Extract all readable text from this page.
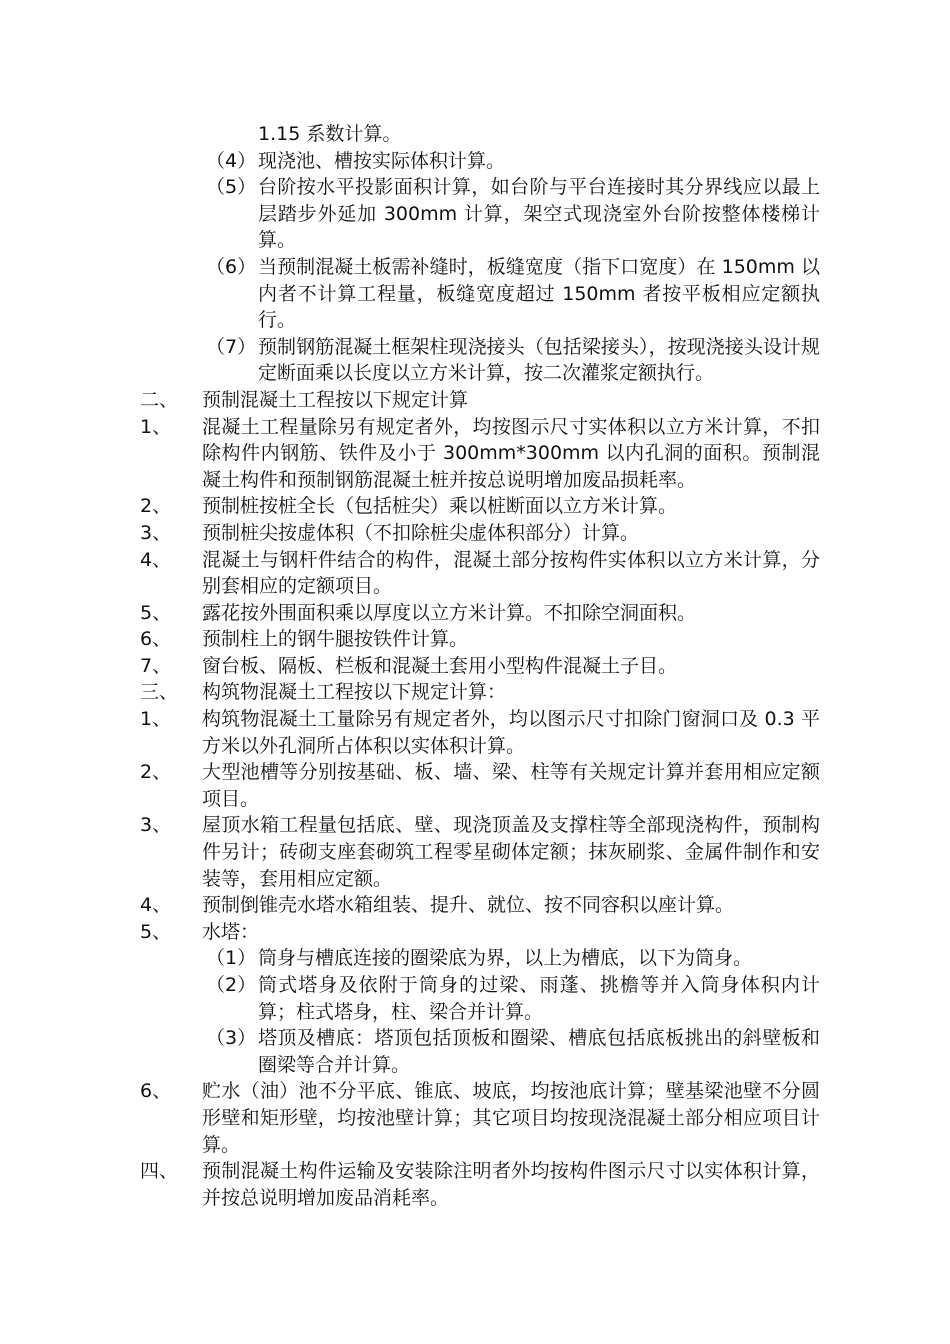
1.15 系数计算。
（4） 现浇池、槽按实际体积计算。
（5） 台阶按水平投影面积计算，如台阶与平台连接时其分界线应以最上层踏步外延加 300mm 计算，架空式现浇室外台阶按整体楼梯计算。
（6） 当预制混凝土板需补缝时，板缝宽度（指下口宽度）在 150mm 以内者不计算工程量，板缝宽度超过 150mm 者按平板相应定额执行。
（7） 预制钢筋混凝土框架柱现浇接头（包括梁接头），按现浇接头设计规定断面乘以长度以立方米计算，按二次灌浆定额执行。
二、	预制混凝土工程按以下规定计算
1、	混凝土工程量除另有规定者外，均按图示尺寸实体积以立方米计算，不扣除构件内钢筋、铁件及小于 300mm*300mm 以内孔洞的面积。预制混凝土构件和预制钢筋混凝土桩并按总说明增加废品损耗率。
2、	预制桩按桩全长（包括桩尖）乘以桩断面以立方米计算。
3、	预制桩尖按虚体积（不扣除桩尖虚体积部分）计算。
4、	混凝土与钢杆件结合的构件，混凝土部分按构件实体积以立方米计算，分别套相应的定额项目。
5、	露花按外围面积乘以厚度以立方米计算。不扣除空洞面积。
6、	预制柱上的钢牛腿按铁件计算。
7、	窗台板、隔板、栏板和混凝土套用小型构件混凝土子目。
三、	构筑物混凝土工程按以下规定计算：
1、	构筑物混凝土工量除另有规定者外，均以图示尺寸扣除门窗洞口及 0.3 平方米以外孔洞所占体积以实体积计算。
2、	大型池槽等分别按基础、板、墙、梁、柱等有关规定计算并套用相应定额项目。
3、	屋顶水箱工程量包括底、壁、现浇顶盖及支撑柱等全部现浇构件，预制构件另计；砖砌支座套砌筑工程零星砌体定额；抹灰刷浆、金属件制作和安装等，套用相应定额。
4、	预制倒锥壳水塔水箱组装、提升、就位、按不同容积以座计算。
5、	水塔：
（1） 筒身与槽底连接的圈梁底为界，以上为槽底，以下为筒身。
（2） 筒式塔身及依附于筒身的过梁、雨蓬、挑檐等并入筒身体积内计算；柱式塔身，柱、梁合并计算。
（3） 塔顶及槽底：塔顶包括顶板和圈梁、槽底包括底板挑出的斜壁板和圈梁等合并计算。
6、	贮水（油）池不分平底、锥底、坡底，均按池底计算；壁基梁池壁不分圆形壁和矩形壁，均按池壁计算；其它项目均按现浇混凝土部分相应项目计算。
四、	预制混凝土构件运输及安装除注明者外均按构件图示尺寸以实体积计算，并按总说明增加废品消耗率。
